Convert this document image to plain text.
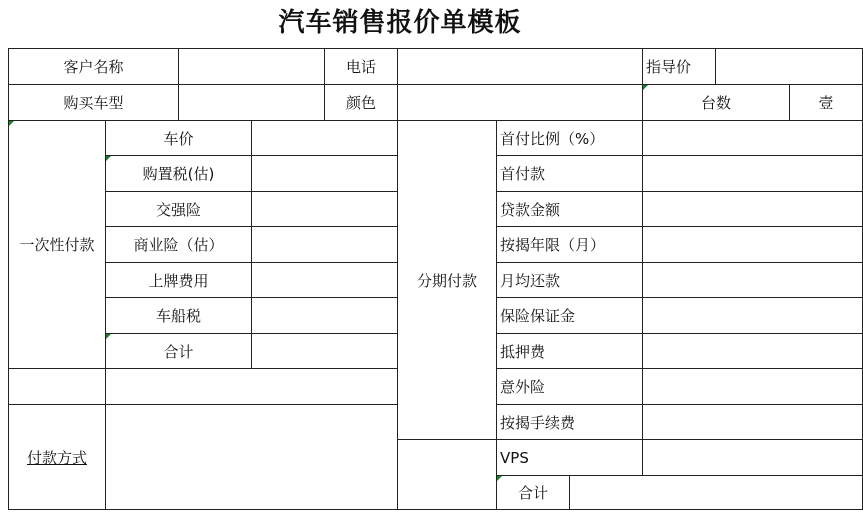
汽车销售报价单模板
客户名称				电话				指导价		
购买车型				颜色				台数		壹
一次性付款	车价				分期付款	首付比例（%）				
	购置税(估)					首付款				
	交强险					贷款金额				
	商业险（估）					按揭年限（月）				
	上牌费用					月均还款				
	车船税					保险保证金				
	合计					抵押费				
						意外险				
付款方式						按揭手续费				
						VPS				
						合计				
